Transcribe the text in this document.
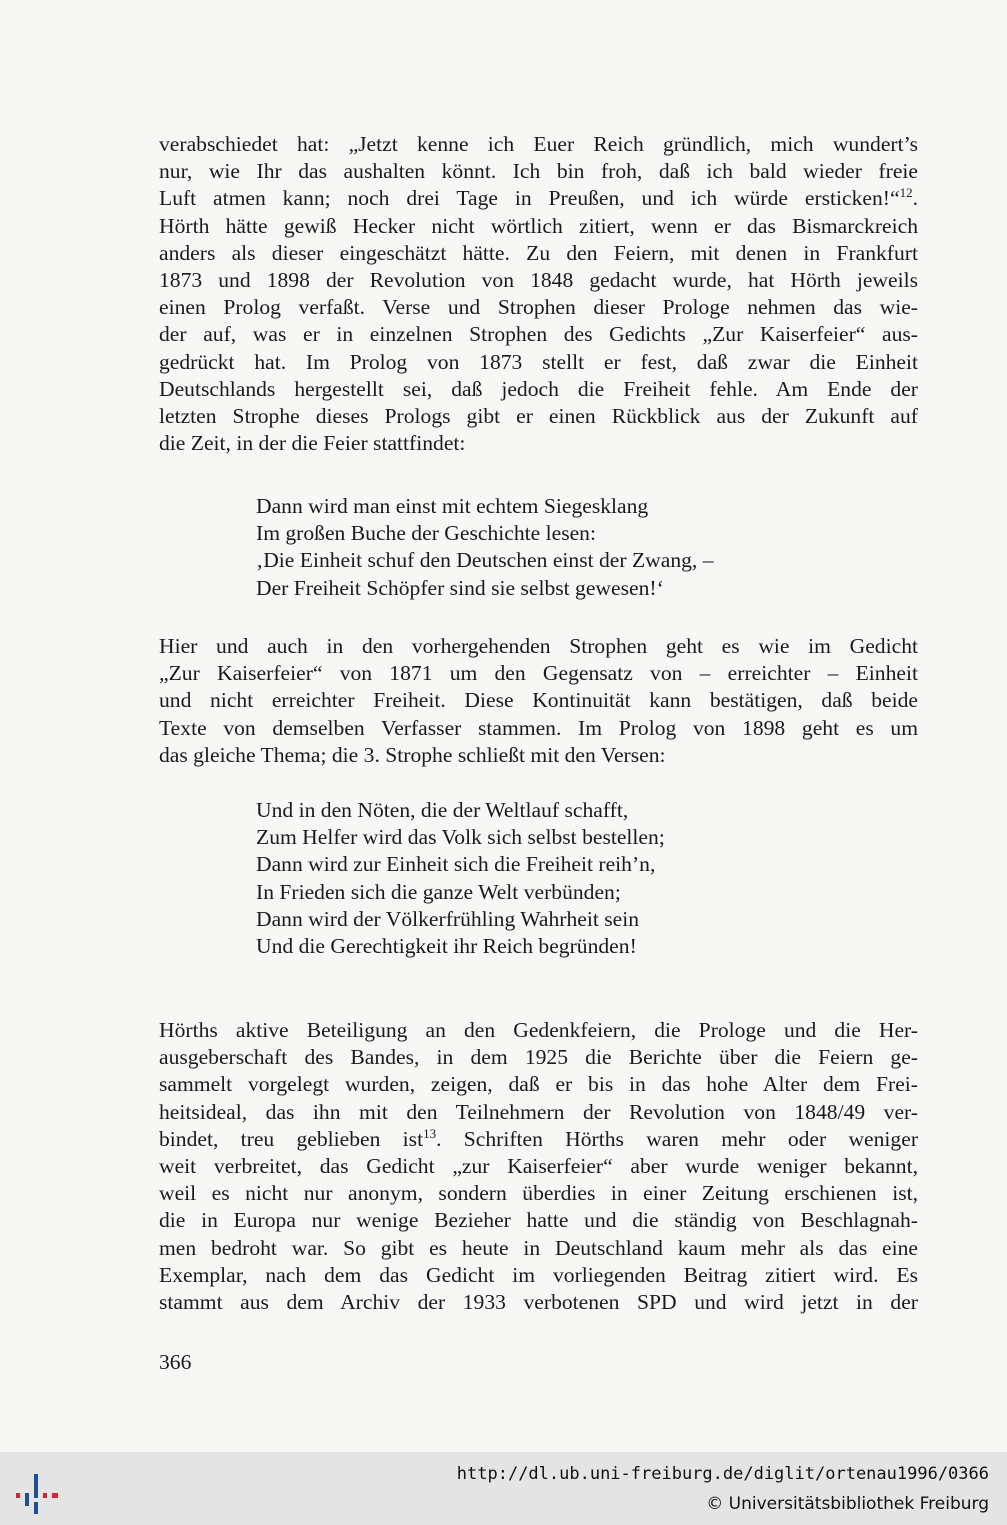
verabschiedet hat: „Jetzt kenne ich Euer Reich gründlich, mich wundert’s
nur, wie Ihr das aushalten könnt. Ich bin froh, daß ich bald wieder freie
Luft atmen kann; noch drei Tage in Preußen, und ich würde ersticken!“$^{12}$.
Hörth hätte gewiß Hecker nicht wörtlich zitiert, wenn er das Bismarckreich
anders als dieser eingeschätzt hätte. Zu den Feiern, mit denen in Frankfurt
1873 und 1898 der Revolution von 1848 gedacht wurde, hat Hörth jeweils
einen Prolog verfaßt. Verse und Strophen dieser Prologe nehmen das wie-
der auf, was er in einzelnen Strophen des Gedichts „Zur Kaiserfeier“ aus-
gedrückt hat. Im Prolog von 1873 stellt er fest, daß zwar die Einheit
Deutschlands hergestellt sei, daß jedoch die Freiheit fehle. Am Ende der
letzten Strophe dieses Prologs gibt er einen Rückblick aus der Zukunft auf
die Zeit, in der die Feier stattfindet:
Dann wird man einst mit echtem Siegesklang
Im großen Buche der Geschichte lesen:
‚Die Einheit schuf den Deutschen einst der Zwang, –
Der Freiheit Schöpfer sind sie selbst gewesen!‘
Hier und auch in den vorhergehenden Strophen geht es wie im Gedicht
„Zur Kaiserfeier“ von 1871 um den Gegensatz von – erreichter – Einheit
und nicht erreichter Freiheit. Diese Kontinuität kann bestätigen, daß beide
Texte von demselben Verfasser stammen. Im Prolog von 1898 geht es um
das gleiche Thema; die 3. Strophe schließt mit den Versen:
Und in den Nöten, die der Weltlauf schafft,
Zum Helfer wird das Volk sich selbst bestellen;
Dann wird zur Einheit sich die Freiheit reih’n,
In Frieden sich die ganze Welt verbünden;
Dann wird der Völkerfrühling Wahrheit sein
Und die Gerechtigkeit ihr Reich begründen!
Hörths aktive Beteiligung an den Gedenkfeiern, die Prologe und die Her-
ausgeberschaft des Bandes, in dem 1925 die Berichte über die Feiern ge-
sammelt vorgelegt wurden, zeigen, daß er bis in das hohe Alter dem Frei-
heitsideal, das ihn mit den Teilnehmern der Revolution von 1848/49 ver-
bindet, treu geblieben ist$^{13}$. Schriften Hörths waren mehr oder weniger
weit verbreitet, das Gedicht „zur Kaiserfeier“ aber wurde weniger bekannt,
weil es nicht nur anonym, sondern überdies in einer Zeitung erschienen ist,
die in Europa nur wenige Bezieher hatte und die ständig von Beschlagnah-
men bedroht war. So gibt es heute in Deutschland kaum mehr als das eine
Exemplar, nach dem das Gedicht im vorliegenden Beitrag zitiert wird. Es
stammt aus dem Archiv der 1933 verbotenen SPD und wird jetzt in der
366
http://dl.ub.uni-freiburg.de/diglit/ortenau1996/0366
© Universitätsbibliothek Freiburg
